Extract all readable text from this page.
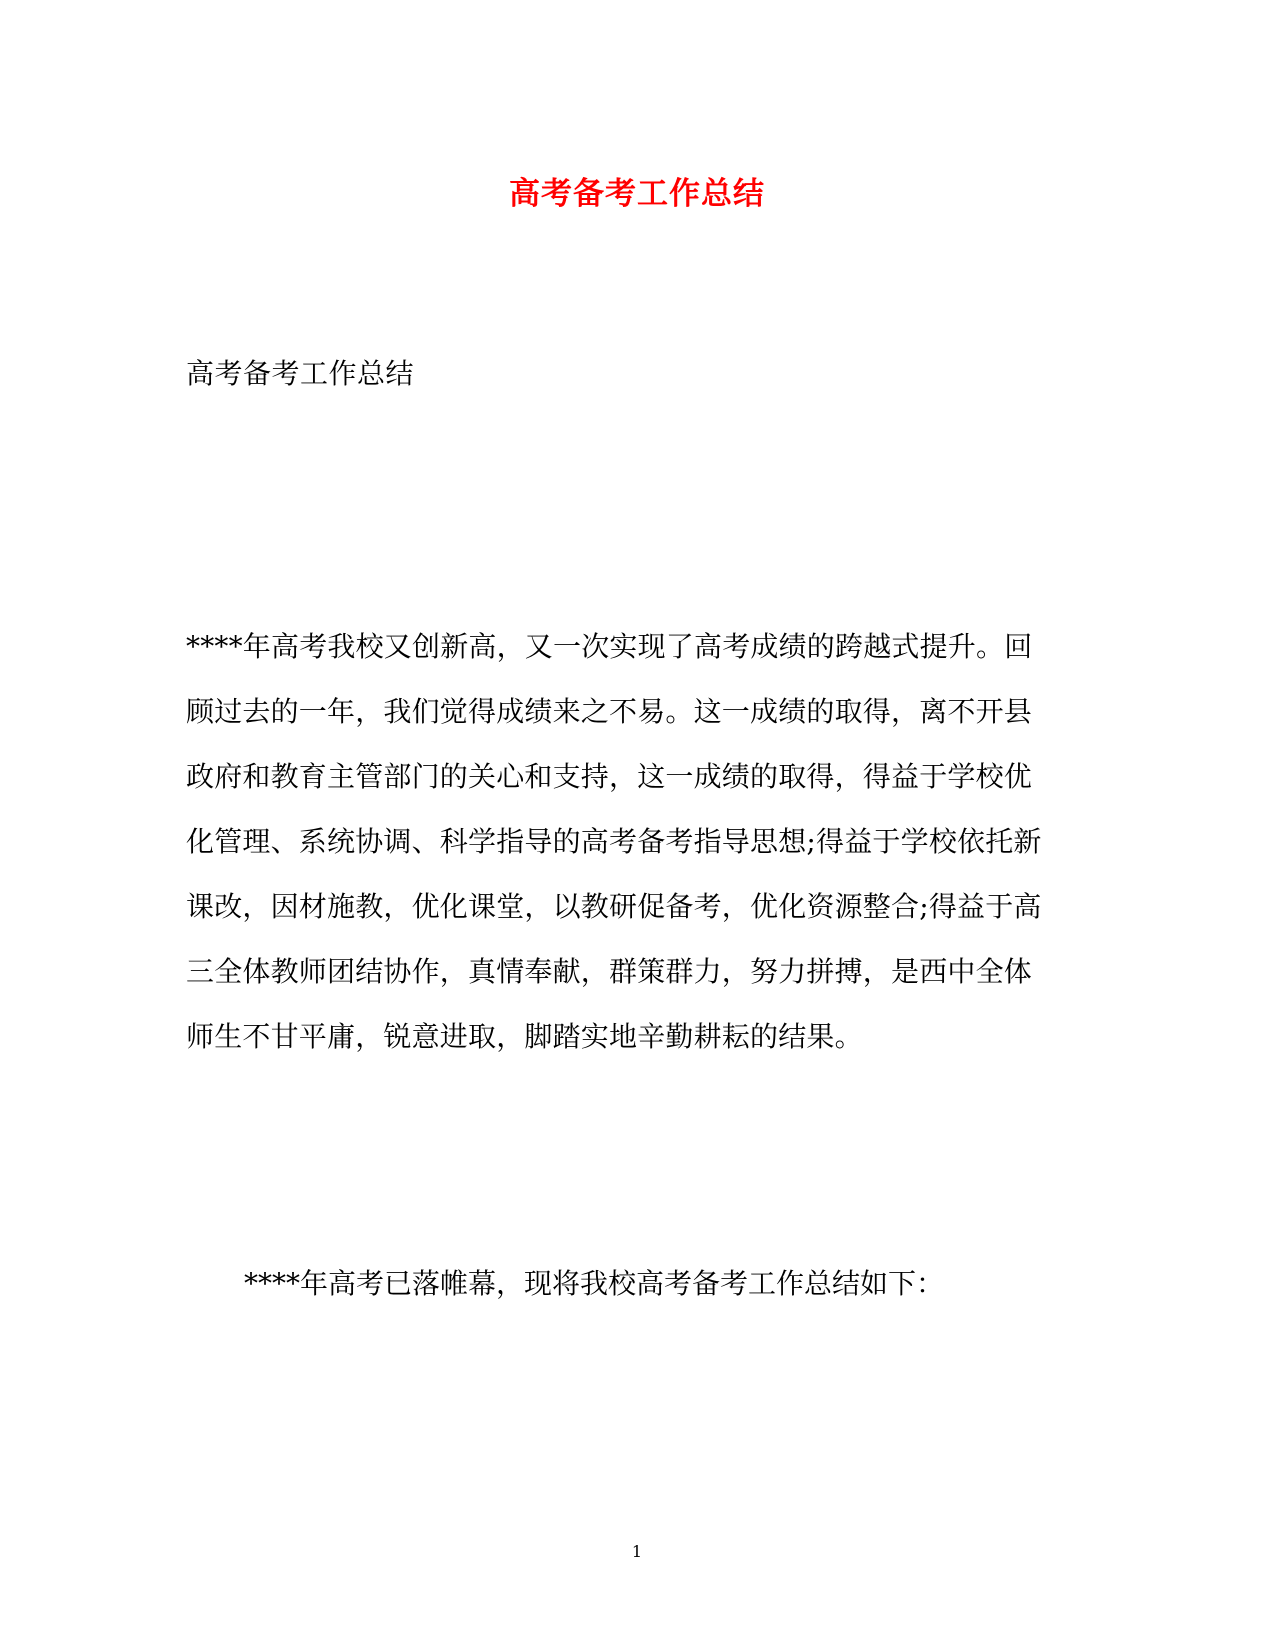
高考备考工作总结
高考备考工作总结
****年高考我校又创新高，又一次实现了高考成绩的跨越式提升。回
顾过去的一年，我们觉得成绩来之不易。这一成绩的取得，离不开县
政府和教育主管部门的关心和支持，这一成绩的取得，得益于学校优
化管理、系统协调、科学指导的高考备考指导思想;得益于学校依托新
课改，因材施教，优化课堂，以教研促备考，优化资源整合;得益于高
三全体教师团结协作，真情奉献，群策群力，努力拼搏，是西中全体
师生不甘平庸，锐意进取，脚踏实地辛勤耕耘的结果。
****年高考已落帷幕，现将我校高考备考工作总结如下：
1
